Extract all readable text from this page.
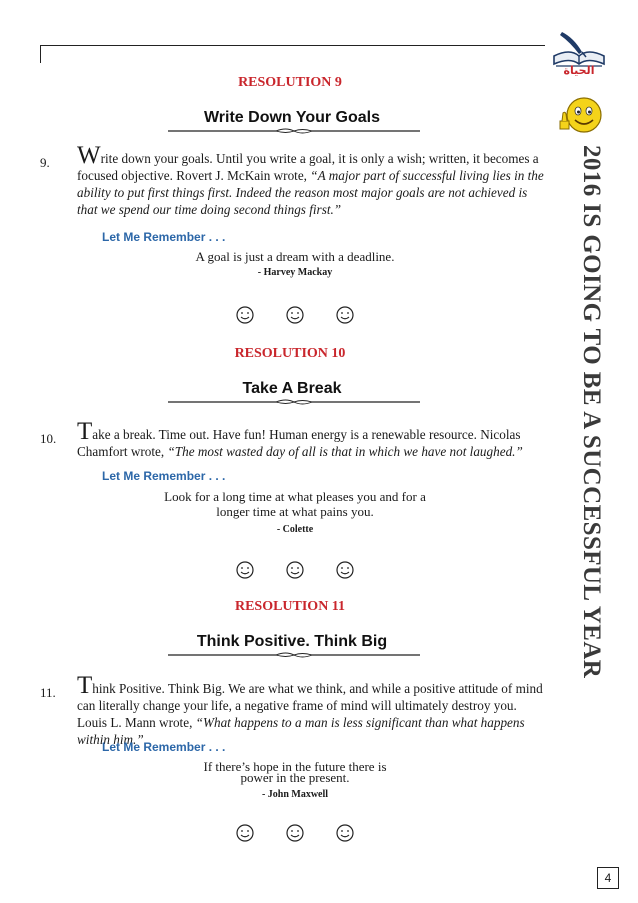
الحياة
2016 IS GOING TO BE A SUCCESSFUL YEAR
RESOLUTION 9
Write Down Your Goals
9. Write down your goals. Until you write a goal, it is only a wish; written, it becomes a focused objective. Rovert J. McKain wrote, “A major part of successful living lies in the ability to put first things first. Indeed the reason most major goals are not achieved is that we spend our time doing second things first.”
Let Me Remember . . .
A goal is just a dream with a deadline.
- Harvey Mackay
RESOLUTION 10
Take A Break
10. Take a break. Time out. Have fun! Human energy is a renewable resource. Nicolas Chamfort wrote, “The most wasted day of all is that in which we have not laughed.”
Let Me Remember . . .
Look for a long time at what pleases you and for a
longer time at what pains you.
- Colette
RESOLUTION 11
Think Positive. Think Big
11. Think Positive. Think Big. We are what we think, and while a positive attitude of mind can literally change your life, a negative frame of mind will ultimately destroy you. Louis L. Mann wrote, “What happens to a man is less significant than what happens within him.”
Let Me Remember . . .
If there’s hope in the future there is
power in the present.
- John Maxwell
4
